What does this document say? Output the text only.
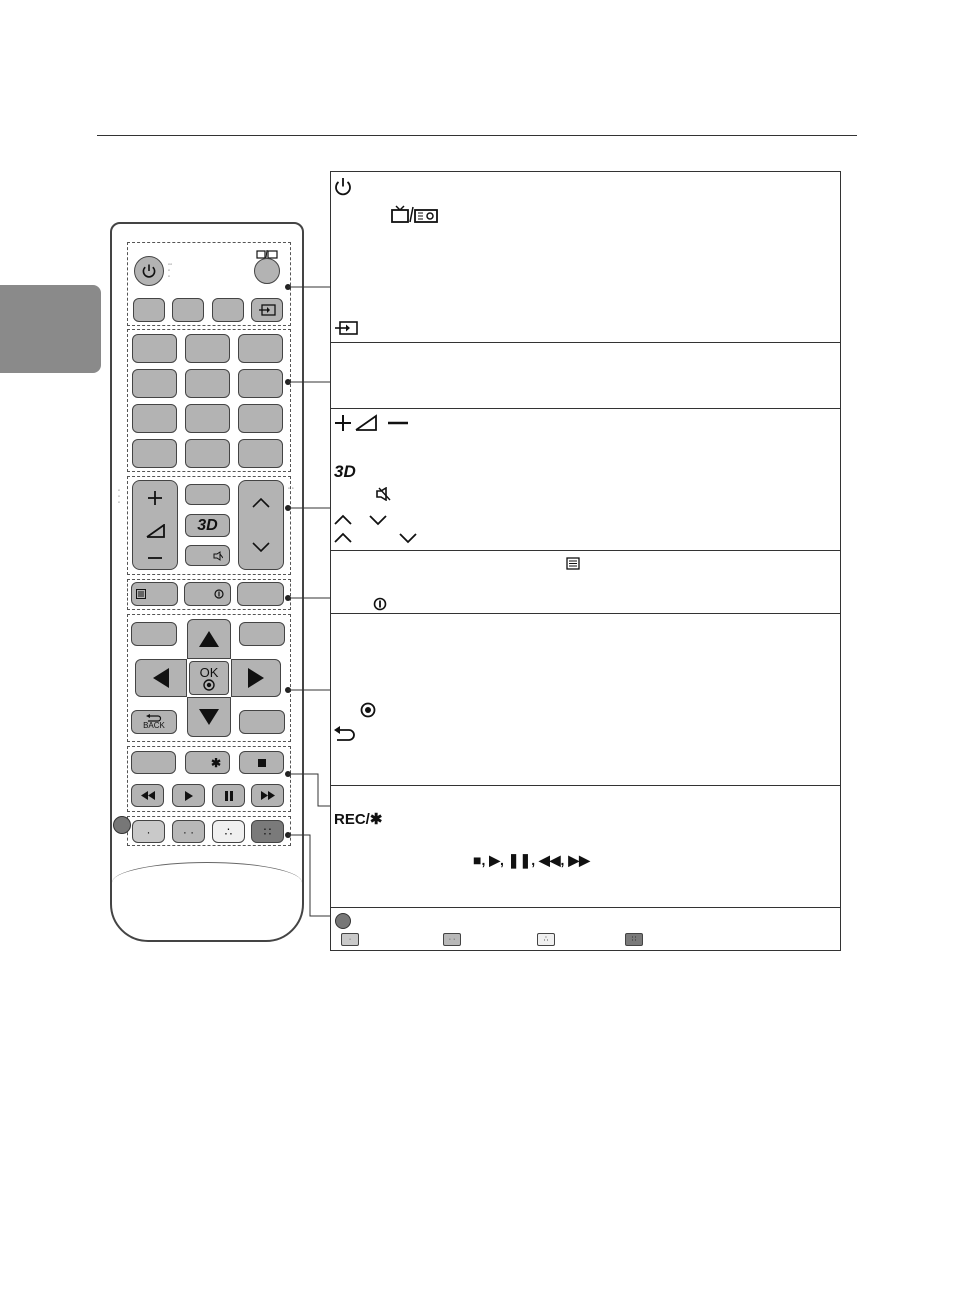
◦◦
◦
◦
◦
◦
◦
3D
◦ ◦
OK
BACK
✱
·	· ·	∴	∷
3D
REC/✱
■, ▶, ❚❚, ◀◀, ▶▶
·	· ·	∴	∷
